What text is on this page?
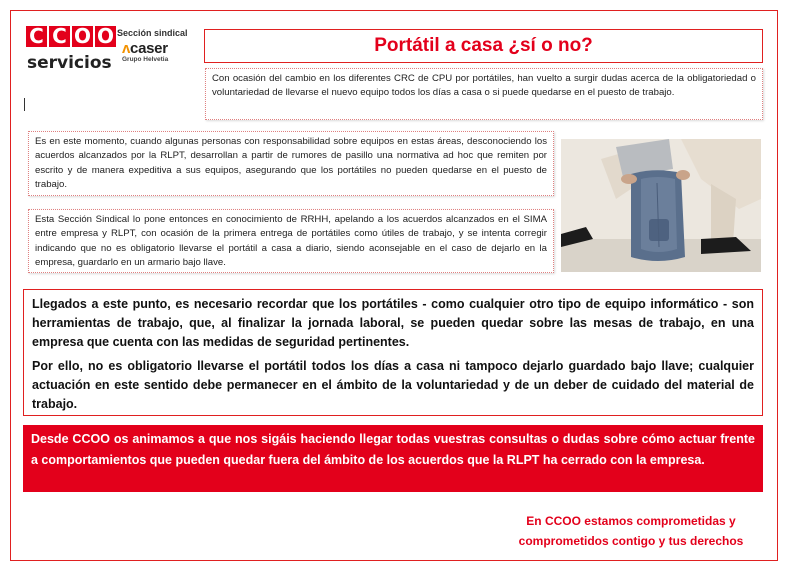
C C O O
servicios
Sección sindical
ᴧcaser
Grupo Helvetia
Portátil a casa ¿sí o no?
Con ocasión del cambio en los diferentes CRC de CPU por portátiles, han vuelto a surgir dudas acerca de la obligatoriedad o voluntariedad de llevarse el nuevo equipo todos los días a casa o si puede quedarse en el puesto de trabajo.
Es en este momento, cuando algunas personas con responsabilidad sobre equipos en estas áreas, desconociendo los acuerdos alcanzados por la RLPT, desarrollan a partir de rumores de pasillo una normativa ad hoc que remiten por escrito y de manera expeditiva a sus equipos, asegurando que los portátiles no pueden quedarse en el puesto de trabajo.
Esta Sección Sindical lo pone entonces en conocimiento de RRHH, apelando a los acuerdos alcanzados en el SIMA entre empresa y RLPT, con ocasión de la primera entrega de portátiles como útiles de trabajo, y se intenta corregir indicando que no es obligatorio llevarse el portátil a casa a diario, siendo aconsejable en el caso de dejarlo en la empresa, guardarlo en un armario bajo llave.

Llegados a este punto, es necesario recordar que los portátiles - como cualquier otro tipo de equipo informático - son herramientas de trabajo, que, al finalizar la jornada laboral, se pueden quedar sobre las mesas de trabajo, en una empresa que cuenta con las medidas de seguridad pertinentes.

Por ello, no es obligatorio llevarse el portátil todos los días a casa ni tampoco dejarlo guardado bajo llave; cualquier actuación en este sentido debe permanecer en el ámbito de la voluntariedad y de un deber de cuidado del material de trabajo.

Desde CCOO os animamos a que nos sigáis haciendo llegar todas vuestras consultas o dudas sobre cómo actuar frente a comportamientos que pueden quedar fuera del ámbito de los acuerdos que la RLPT ha cerrado con la empresa.

En CCOO estamos comprometidas y
comprometidos contigo y tus derechos
